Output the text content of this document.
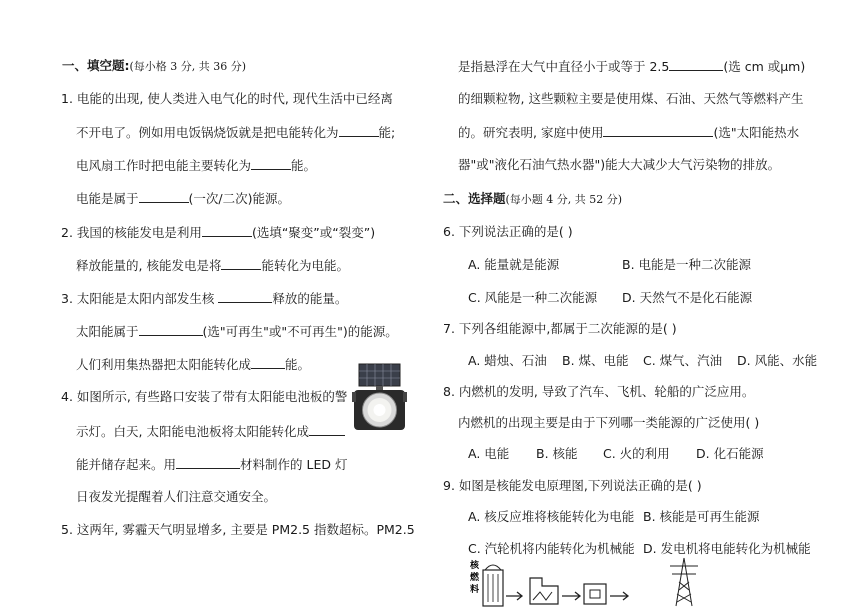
一、填空题:(每小格 3 分, 共 36 分)
1. 电能的出现, 使人类进入电气化的时代, 现代生活中已经离
不开电了。例如用电饭锅烧饭就是把电能转化为	能;
电风扇工作时把电能主要转化为	能。
电能是属于	(一次/二次)能源。
2. 我国的核能发电是利用	(选填“聚变”或“裂变”)
释放能量的, 核能发电是将	能转化为电能。
3. 太阳能是太阳内部发生核	释放的能量。
太阳能属于	(选"可再生"或"不可再生")的能源。
人们利用集热器把太阳能转化成	能。
4. 如图所示, 有些路口安装了带有太阳能电池板的警
示灯。白天, 太阳能电池板将太阳能转化成
能并储存起来。用	材料制作的 LED 灯
日夜发光提醒着人们注意交通安全。
5. 这两年, 雾霾天气明显增多, 主要是 PM2.5 指数超标。PM2.5
是指悬浮在大气中直径小于或等于 2.5	(选 cm 或μm)
的细颗粒物, 这些颗粒主要是使用煤、石油、天然气等燃料产生
的。研究表明, 家庭中使用	(选"太阳能热水
器"或"液化石油气热水器")能大大减少大气污染物的排放。
二、选择题(每小题 4 分, 共 52 分)
6. 下列说法正确的是( )
A. 能量就是能源	B. 电能是一种二次能源
C. 风能是一种二次能源 D. 天然气不是化石能源
7. 下列各组能源中,都属于二次能源的是( )
A. 蜡烛、石油 B. 煤、电能 C. 煤气、汽油 D. 风能、水能
8. 内燃机的发明, 导致了汽车、飞机、轮船的广泛应用。
内燃机的出现主要是由于下列哪一类能源的广泛使用( )
A. 电能 B. 核能 C. 火的利用 D. 化石能源
9. 如图是核能发电原理图,下列说法正确的是( )
A. 核反应堆将核能转化为电能 B. 核能是可再生能源
C. 汽轮机将内能转化为机械能 D. 发电机将电能转化为机械能
核
燃
料
